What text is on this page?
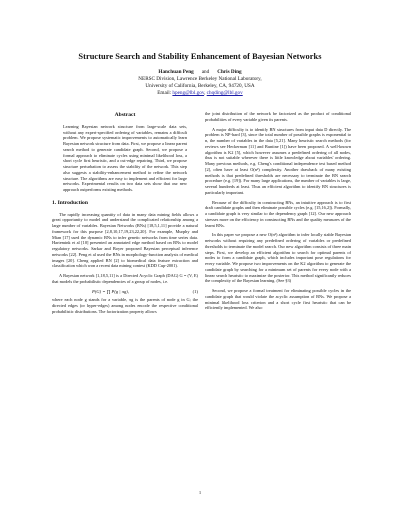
Structure Search and Stability Enhancement of Bayesian Networks
Hanchuan Peng and Chris Ding
NERSC Division, Lawrence Berkeley National Laboratory,
University of California, Berkeley, CA, 94720, USA
Email: hpeng@lbl.gov, chqding@lbl.gov
Abstract

Learning Bayesian network structure from large-scale data sets, without any expert-specified ordering of variables, remains a difficult problem. We propose systematic improvements to automatically learn Bayesian network structure from data. First, we propose a linear parent search method to generate candidate graph. Second, we propose a formal approach to eliminate cycles using minimal likelihood loss, a short cycle first heuristic, and a cut-edge repairing. Third, we propose structure perturbation to assess the stability of the network. This step also suggests a stability-enhancement method to refine the network structure. The algorithms are easy to implement and efficient for large networks. Experimental results on two data sets show that our new approach outperforms existing methods.

1. Introduction

The rapidly increasing quantity of data in many data mining fields allows a great opportunity to model and understand the complicated relationship among a large number of variables. Bayesian Networks (BNs) [18,5,1,11] provide a natural framework for this purpose [2,8,10,17,19,23,22,20]. For example, Murphy and Mian [17] used the dynamic BNs to infer genetic networks from time series data. Hartemink et al [10] presented an annotated edge method based on BNs to model regulatory networks. Sarkar and Boyer proposed Bayesian perceptual inference networks [22]. Peng et al used the BNs in morphology-function analysis of medical images [20]. Cheng applied BN [2] to biomedical data feature extraction and classification which won a recent data mining contest (KDD Cup-2001).

A Bayesian network [1,18,5,11] is a Directed Acyclic Graph (DAG) G = (V, E) that models the probabilistic dependencies of a group of nodes, i.e.

P(G) = ∏ P(g | πg),	(1)

where each node g stands for a variable, πg is the parents of node g in G; the directed edges (or hyper-edges) among nodes encode the respective conditional probabilistic distributions. The factorization property allows

the joint distribution of the network be factorized as the product of conditional probabilities of every variable given its parents.

A major difficulty is to identify BN structures from input data D directly. The problem is NP-hard [3], since the total number of possible graphs is exponential to n, the number of variables in the data [5,21]. Many heuristic search methods (for reviews see Heckerman [11] and Buntine [1]) have been proposed. A well-known algorithm is K2 [5], which however assumes a predefined ordering of all nodes, thus is not suitable wherever there is little knowledge about variables' ordering. Many previous methods, e.g. Cheng's conditional independence test based method [2], often have at least O(n²) complexity. Another drawback of many existing methods is that predefined thresholds are necessary to terminate the BN search procedure (e.g. [19]). For many large applications, the number of variables is large, several hundreds at least. Thus an efficient algorithm to identify BN structures is particularly important.

Because of the difficulty in constructing BNs, an intuitive approach is to first draft candidate graphs and then eliminate possible cycles (e.g. [15,16,2]). Formally, a candidate graph is very similar to the dependency graph [12]. Our new approach stresses more on the efficiency in constructing BNs and the quality measures of the learnt BNs.

In this paper we propose a new O(n²) algorithm to infer locally stable Bayesian networks without requiring any predefined ordering of variables or predefined thresholds to terminate the model search. Our new algorithm consists of three main steps. First, we develop an efficient algorithm to search for optimal parents of nodes to form a candidate graph, which includes important pose regulations for every variable. We propose two improvements on the K2 algorithm to generate the candidate graph by searching for a minimum set of parents for every node with a linear search heuristic to maximize the posterior. This method significantly reduces the complexity of the Bayesian learning. (See §3)

Second, we propose a formal treatment for eliminating possible cycles in the candidate graph that would violate the acyclic assumption of BNs. We propose a minimal likelihood loss criterion and a short cycle first heuristic that can be efficiently implemented. We also

1
